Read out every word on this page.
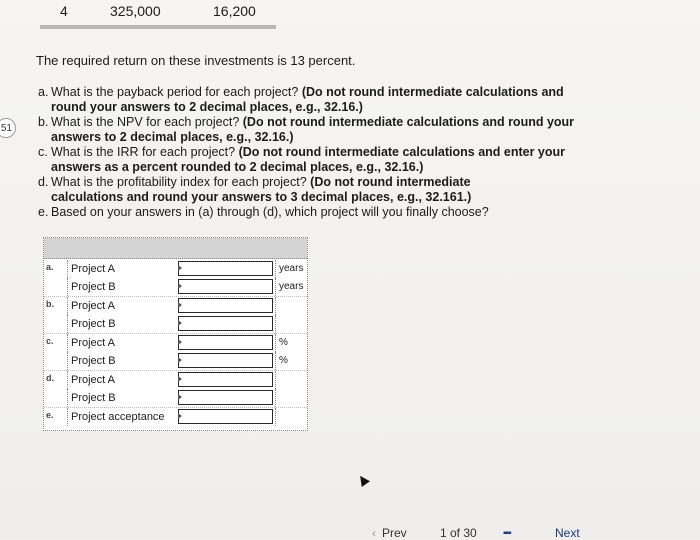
51
4	325,000	16,200
The required return on these investments is 13 percent.

a. What is the payback period for each project? (Do not round intermediate calculations and round your answers to 2 decimal places, e.g., 32.16.)

b. What is the NPV for each project? (Do not round intermediate calculations and round your answers to 2 decimal places, e.g., 32.16.)

c. What is the IRR for each project? (Do not round intermediate calculations and enter your answers as a percent rounded to 2 decimal places, e.g., 32.16.)

d. What is the profitability index for each project? (Do not round intermediate calculations and round your answers to 3 decimal places, e.g., 32.161.)

e. Based on your answers in (a) through (d), which project will you finally choose?

a.	Project A	years
Project B	years
b.	Project A
Project B
c.	Project A	%
Project B	%
d.	Project A
Project B
e.	Project acceptance
‹ Prev	1 of 30	▪▪▪	Next
